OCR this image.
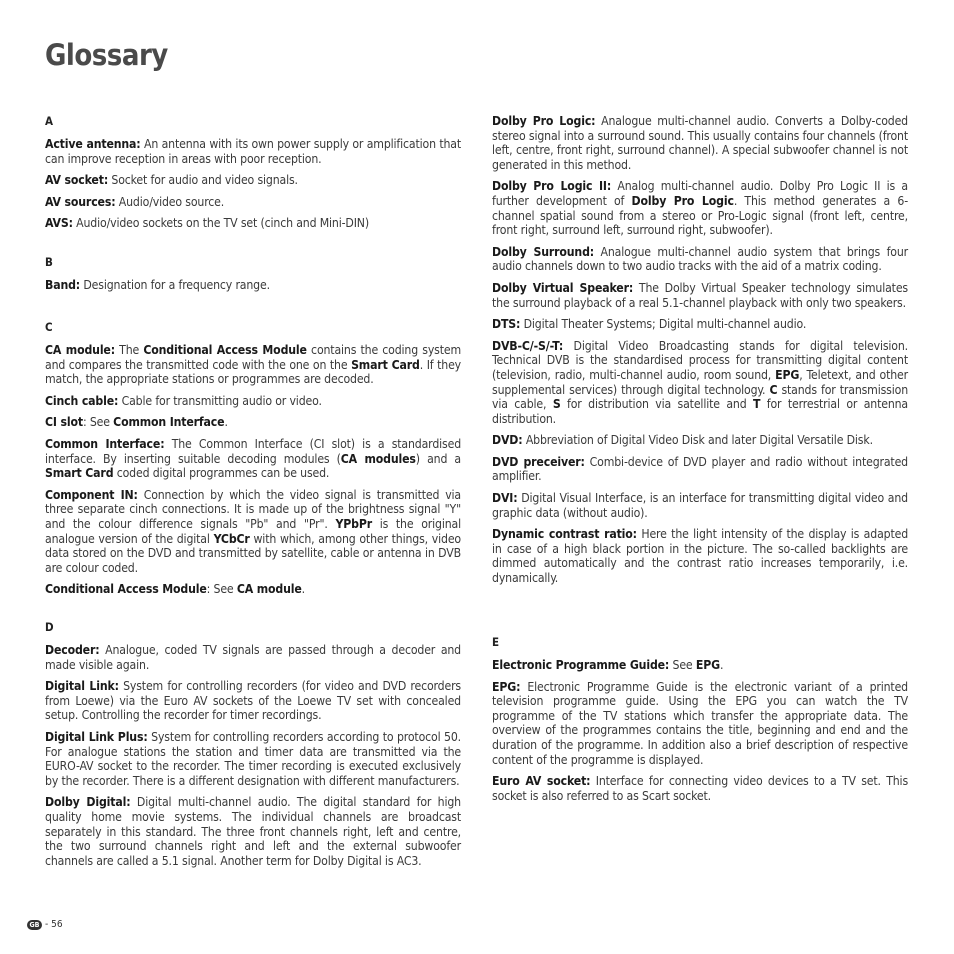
Glossary
A

Active antenna: An antenna with its own power supply or amplification that can improve reception in areas with poor reception.

AV socket: Socket for audio and video signals.

AV sources: Audio/video source.

AVS: Audio/video sockets on the TV set (cinch and Mini-DIN)

B

Band: Designation for a frequency range.

C

CA module: The Conditional Access Module contains the coding system and compares the transmitted code with the one on the Smart Card. If they match, the appropriate stations or programmes are decoded.

Cinch cable: Cable for transmitting audio or video.

CI slot: See Common Interface.

Common Interface: The Common Interface (CI slot) is a standardised interface. By inserting suitable decoding modules (CA modules) and a Smart Card coded digital programmes can be used.

Component IN: Connection by which the video signal is transmitted via three separate cinch connections. It is made up of the brightness signal "Y" and the colour difference signals "Pb" and "Pr". YPbPr is the original analogue version of the digital YCbCr with which, among other things, video data stored on the DVD and transmitted by satellite, cable or antenna in DVB are colour coded.

Conditional Access Module: See CA module.

D

Decoder: Analogue, coded TV signals are passed through a decoder and made visible again.

Digital Link: System for controlling recorders (for video and DVD recorders from Loewe) via the Euro AV sockets of the Loewe TV set with concealed setup. Controlling the recorder for timer recordings.

Digital Link Plus: System for controlling recorders according to protocol 50. For analogue stations the station and timer data are transmitted via the EURO-AV socket to the recorder. The timer recording is executed exclusively by the recorder. There is a different designation with different manufacturers.

Dolby Digital: Digital multi-channel audio. The digital standard for high quality home movie systems. The individual channels are broadcast separately in this standard. The three front channels right, left and centre, the two surround channels right and left and the external subwoofer channels are called a 5.1 signal. Another term for Dolby Digital is AC3.

Dolby Pro Logic: Analogue multi-channel audio. Converts a Dolby-coded stereo signal into a surround sound. This usually contains four channels (front left, centre, front right, surround channel). A special subwoofer channel is not generated in this method.

Dolby Pro Logic II: Analog multi-channel audio. Dolby Pro Logic II is a further development of Dolby Pro Logic. This method generates a 6-channel spatial sound from a stereo or Pro-Logic signal (front left, centre, front right, surround left, surround right, subwoofer).

Dolby Surround: Analogue multi-channel audio system that brings four audio channels down to two audio tracks with the aid of a matrix coding.

Dolby Virtual Speaker: The Dolby Virtual Speaker technology simulates the surround playback of a real 5.1-channel playback with only two speakers.

DTS: Digital Theater Systems; Digital multi-channel audio.

DVB-C/-S/-T: Digital Video Broadcasting stands for digital television. Technical DVB is the standardised process for transmitting digital content (television, radio, multi-channel audio, room sound, EPG, Teletext, and other supplemental services) through digital technology. C stands for transmission via cable, S for distribution via satellite and T for terrestrial or antenna distribution.

DVD: Abbreviation of Digital Video Disk and later Digital Versatile Disk.

DVD preceiver: Combi-device of DVD player and radio without integrated amplifier.

DVI: Digital Visual Interface, is an interface for transmitting digital video and graphic data (without audio).

Dynamic contrast ratio: Here the light intensity of the display is adapted in case of a high black portion in the picture. The so-called backlights are dimmed automatically and the contrast ratio increases temporarily, i.e. dynamically.

E

Electronic Programme Guide: See EPG.

EPG: Electronic Programme Guide is the electronic variant of a printed television programme guide. Using the EPG you can watch the TV programme of the TV stations which transfer the appropriate data. The overview of the programmes contains the title, beginning and end and the duration of the programme. In addition also a brief description of respective content of the programme is displayed.

Euro AV socket: Interface for connecting video devices to a TV set. This socket is also referred to as Scart socket.

GB - 56
